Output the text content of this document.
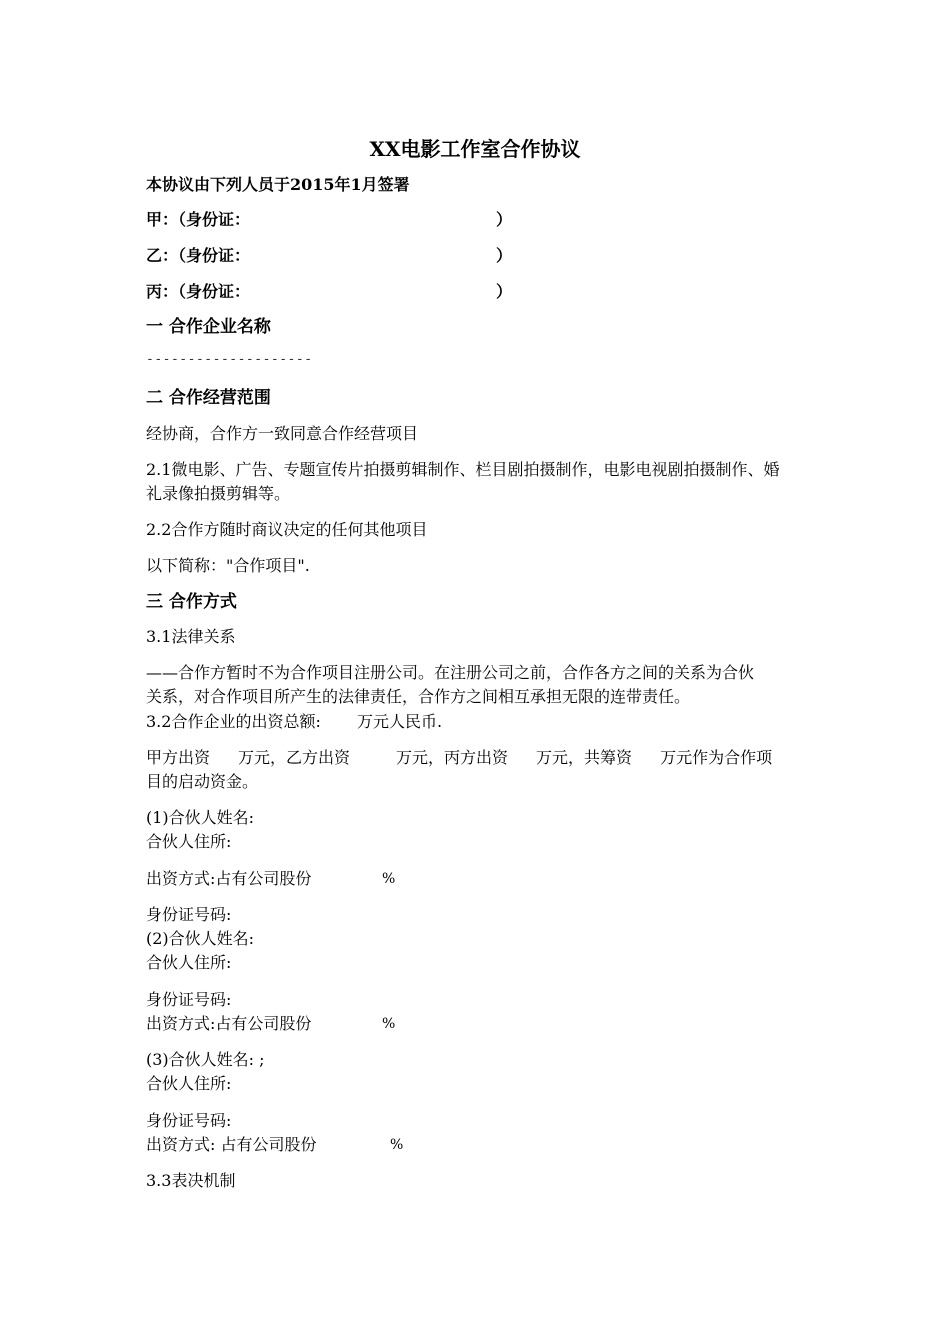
XX电影工作室合作协议

本协议由下列人员于2015年1月签署

甲：（身份证：	）

乙：（身份证：	）

丙：（身份证：	）

一 合作企业名称

--------------------

二 合作经营范围

经协商，合作方一致同意合作经营项目

2.1微电影、广告、专题宣传片拍摄剪辑制作、栏目剧拍摄制作，电影电视剧拍摄制作、婚

礼录像拍摄剪辑等。

2.2合作方随时商议决定的任何其他项目

以下简称："合作项目".

三 合作方式

3.1法律关系

——合作方暂时不为合作项目注册公司。在注册公司之前，合作各方之间的关系为合伙

关系，对合作项目所产生的法律责任，合作方之间相互承担无限的连带责任。

3.2合作企业的出资总额: 万元人民币.

甲方出资 万元，乙方出资	万元，丙方出资 万元，共筹资 万元作为合作项

目的启动资金。

(1)合伙人姓名:

合伙人住所:

出资方式:占有公司股份	%

身份证号码:

(2)合伙人姓名:

合伙人住所:

身份证号码:

出资方式:占有公司股份	%

(3)合伙人姓名: ;

合伙人住所:

身份证号码:

出资方式: 占有公司股份	%

3.3表决机制
